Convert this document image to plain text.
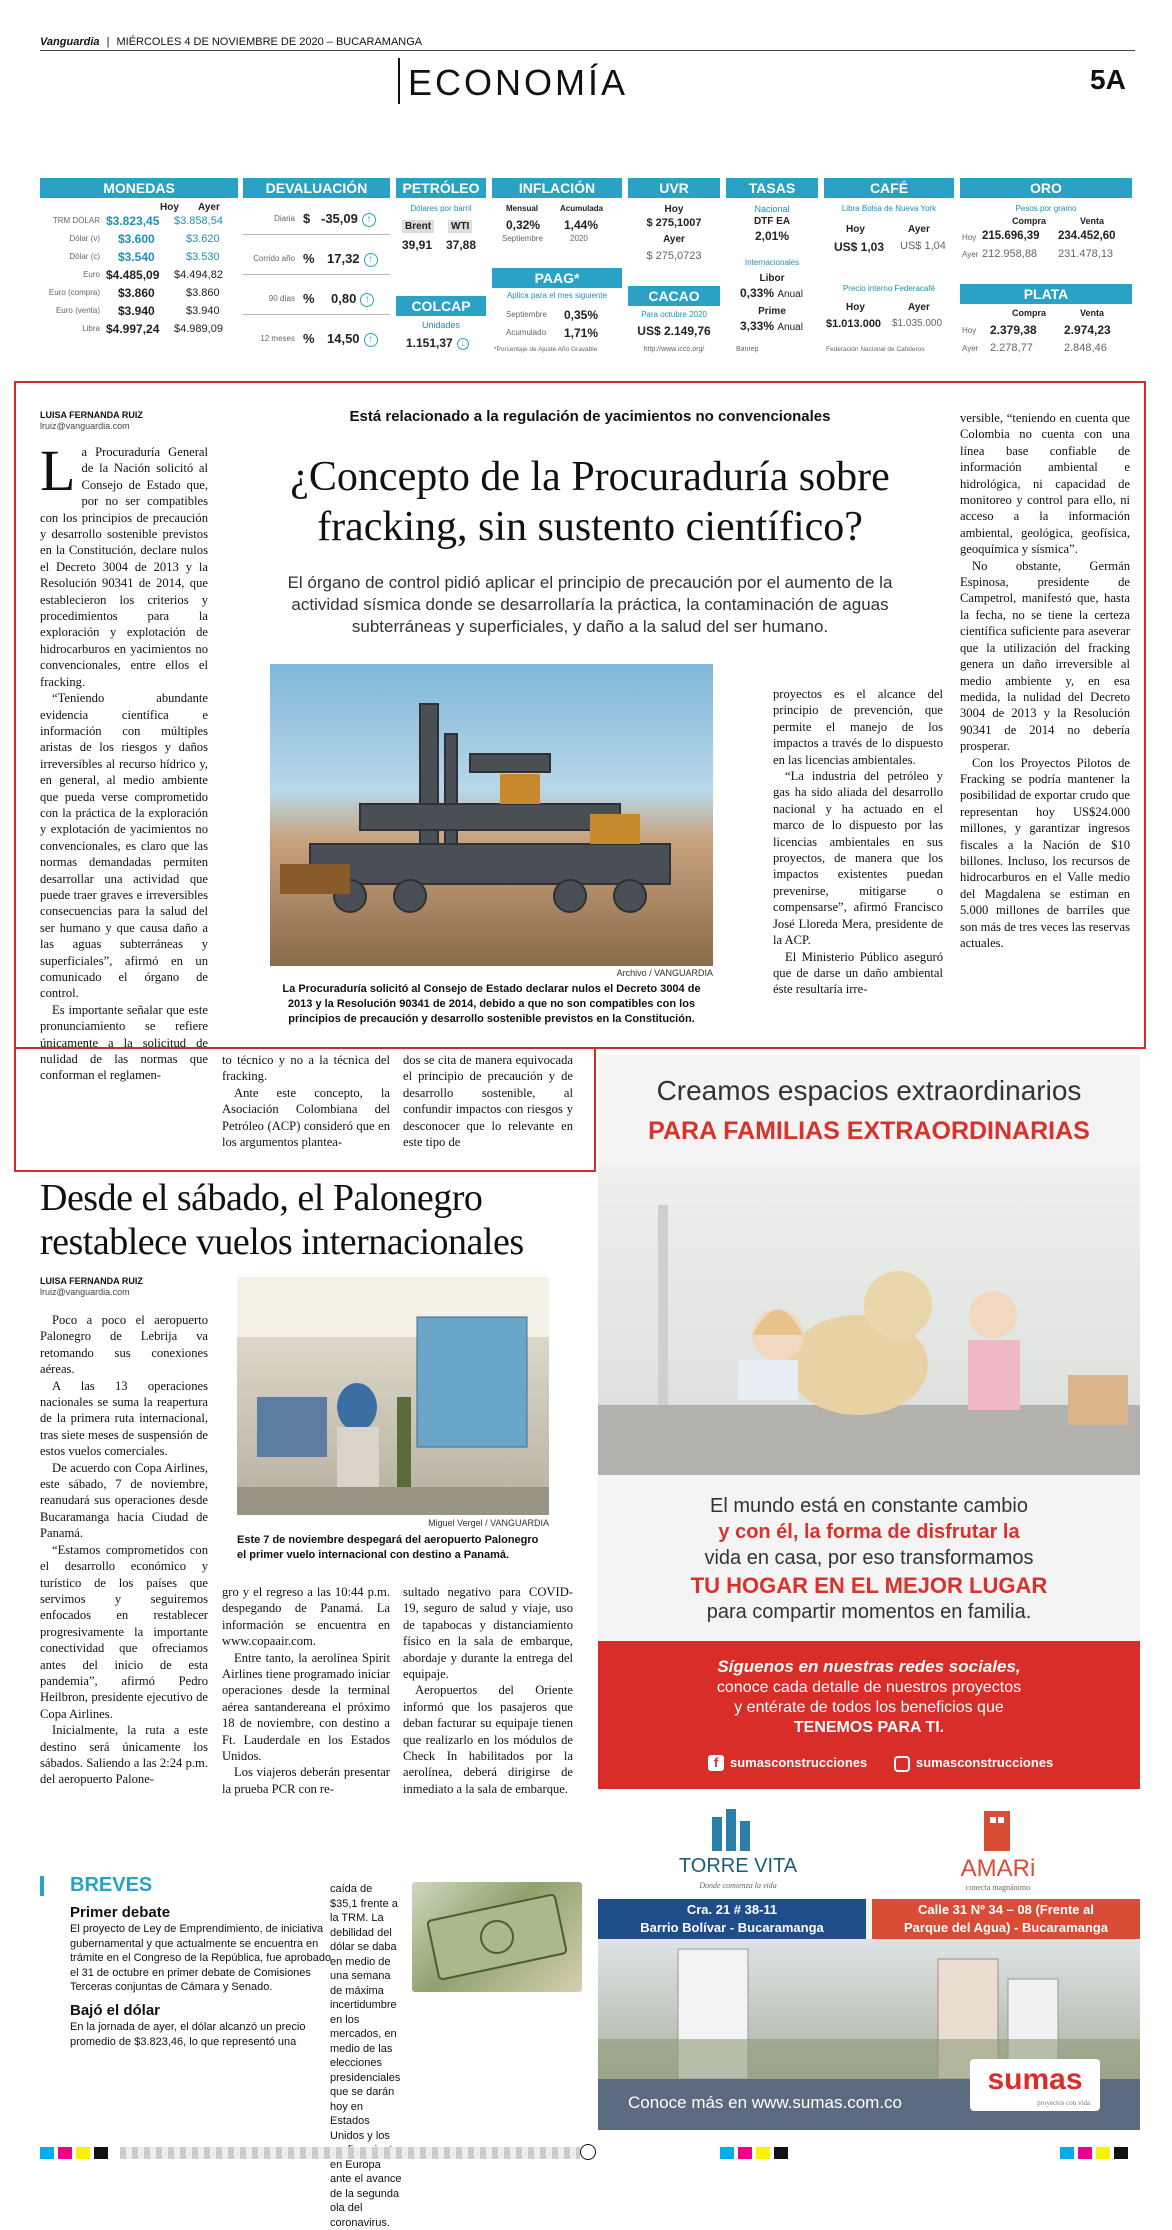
Vanguardia | MIÉRCOLES 4 DE NOVIEMBRE DE 2020 – BUCARAMANGA
ECONOMÍA	5A
MONEDAS
Hoy Ayer
TRM DÓLAR $3.823,45 $3.858,54
Dólar (v) $3.600	$3.620
Dólar (c) $3.540	$3.530
Euro $4.485,09 $4.494,82
Euro (compra) $3.860	$3.860
Euro (venta) $3.940	$3.940
Libra $4.997,24 $4.989,09
DEVALUACIÓN
Diaria $ -35,09 ↑
Corrido año % 17,32 ↑
90 días % 0,80 ↑
12 meses % 14,50 ↑
PETRÓLEO
Dólares por barril
Brent	WTI
39,91 37,88
COLCAP
Unidades
1.151,37 ↓
INFLACIÓN
Mensual	Acumulada
0,32% 1,44%
Septiembre	2020
PAAG*
Aplica para el mes siguiente
Septiembre 0,35%
Acumulado 1,71%
*Porcentaje de Ajuste Año Gravable
UVR
Hoy
$ 275,1007
Ayer
$ 275,0723
CACAO
Para octubre 2020
US$ 2.149,76
http://www.icco.org/
TASAS
Nacional
DTF EA
2,01%
Internacionales
Libor
0,33% Anual
Prime
3,33% Anual
Banrep
CAFÉ
Libra Bolsa de Nueva York
Hoy	Ayer
US$ 1,03 US$ 1,04
Precio interno Federacafé
Hoy	Ayer
$1.013.000 $1.035.000
Federación Nacional de Cafeteros
ORO
Pesos por gramo
Compra	Venta
Hoy 215.696,39 234.452,60
Ayer 212.958,88 231.478,13
PLATA
Compra	Venta
Hoy 2.379,38 2.974,23
Ayer 2.278,77	2.848,46
LUISA FERNANDA RUIZ
lruiz@vanguardia.com
Está relacionado a la regulación de yacimientos no convencionales
¿Concepto de la Procuraduría sobre fracking, sin sustento científico?
El órgano de control pidió aplicar el principio de precaución por el aumento de la actividad sísmica donde se desarrollaría la práctica, la contaminación de aguas subterráneas y superficiales, y daño a la salud del ser humano.

La Procuraduría General de la Nación solicitó al Consejo de Estado que, por no ser compatibles con los principios de precaución y desarrollo sostenible previstos en la Constitución, declare nulos el Decreto 3004 de 2013 y la Resolución 90341 de 2014, que establecieron los criterios y procedimientos para la exploración y explotación de hidrocarburos en yacimientos no convencionales, entre ellos el fracking.

“Teniendo abundante evidencia científica e información con múltiples aristas de los riesgos y daños irreversibles al recurso hídrico y, en general, al medio ambiente que pueda verse comprometido con la práctica de la exploración y explotación de yacimientos no convencionales, es claro que las normas demandadas permiten desarrollar una actividad que puede traer graves e irreversibles consecuencias para la salud del ser humano y que causa daño a las aguas subterráneas y superficiales”, afirmó en un comunicado el órgano de control.

Es importante señalar que este pronunciamiento se refiere únicamente a la solicitud de nulidad de las normas que conforman el reglamen-

Archivo / VANGUARDIA
La Procuraduría solicitó al Consejo de Estado declarar nulos el Decreto 3004 de 2013 y la Resolución 90341 de 2014, debido a que no son compatibles con los principios de precaución y desarrollo sostenible previstos en la Constitución.

to técnico y no a la técnica del fracking.

Ante este concepto, la Asociación Colombiana del Petróleo (ACP) consideró que en los argumentos plantea-

dos se cita de manera equivocada el principio de precaución y de desarrollo sostenible, al confundir impactos con riesgos y desconocer que lo relevante en este tipo de

proyectos es el alcance del principio de prevención, que permite el manejo de los impactos a través de lo dispuesto en las licencias ambientales.

“La industria del petróleo y gas ha sido aliada del desarrollo nacional y ha actuado en el marco de lo dispuesto por las licencias ambientales en sus proyectos, de manera que los impactos existentes puedan prevenirse, mitigarse o compensarse”, afirmó Francisco José Lloreda Mera, presidente de la ACP.

El Ministerio Público aseguró que de darse un daño ambiental éste resultaría irre-

versible, “teniendo en cuenta que Colombia no cuenta con una línea base confiable de información ambiental e hidrológica, ni capacidad de monitoreo y control para ello, ni acceso a la información ambiental, geológica, geofísica, geoquímica y sísmica”.

No obstante, Germán Espinosa, presidente de Campetrol, manifestó que, hasta la fecha, no se tiene la certeza científica suficiente para aseverar que la utilización del fracking genera un daño irreversible al medio ambiente y, en esa medida, la nulidad del Decreto 3004 de 2013 y la Resolución 90341 de 2014 no debería prosperar.

Con los Proyectos Pilotos de Fracking se podría mantener la posibilidad de exportar crudo que representan hoy US$24.000 millones, y garantizar ingresos fiscales a la Nación de $10 billones. Incluso, los recursos de hidrocarburos en el Valle medio del Magdalena se estiman en 5.000 millones de barriles que son más de tres veces las reservas actuales.

Desde el sábado, el Palonegro restablece vuelos internacionales
LUISA FERNANDA RUIZ
lruiz@vanguardia.com
Miguel Vergel / VANGUARDIA
Este 7 de noviembre despegará del aeropuerto Palonegro el primer vuelo internacional con destino a Panamá.

Poco a poco el aeropuerto Palonegro de Lebrija va retomando sus conexiones aéreas.

A las 13 operaciones nacionales se suma la reapertura de la primera ruta internacional, tras siete meses de suspensión de estos vuelos comerciales.

De acuerdo con Copa Airlines, este sábado, 7 de noviembre, reanudará sus operaciones desde Bucaramanga hacia Ciudad de Panamá.

“Estamos comprometidos con el desarrollo económico y turístico de los países que servimos y seguiremos enfocados en restablecer progresivamente la importante conectividad que ofreciamos antes del inicio de esta pandemia”, afirmó Pedro Heilbron, presidente ejecutivo de Copa Airlines.

Inicialmente, la ruta a este destino será únicamente los sábados. Saliendo a las 2:24 p.m. del aeropuerto Palone-

gro y el regreso a las 10:44 p.m. despegando de Panamá. La información se encuentra en www.copaair.com.

Entre tanto, la aerolínea Spirit Airlines tiene programado iniciar operaciones desde la terminal aérea santandereana el próximo 18 de noviembre, con destino a Ft. Lauderdale en los Estados Unidos.

Los viajeros deberán presentar la prueba PCR con re-

sultado negativo para COVID-19, seguro de salud y viaje, uso de tapabocas y distanciamiento físico en la sala de embarque, abordaje y durante la entrega del equipaje.

Aeropuertos del Oriente informó que los pasajeros que deban facturar su equipaje tienen que realizarlo en los módulos de Check In habilitados por la aerolínea, deberá dirigirse de inmediato a la sala de embarque.

BREVES
Primer debate
El proyecto de Ley de Emprendimiento, de iniciativa gubernamental y que actualmente se encuentra en trámite en el Congreso de la República, fue aprobado el 31 de octubre en primer debate de Comisiones Terceras conjuntas de Cámara y Senado.
Bajó el dólar
En la jornada de ayer, el dólar alcanzó un precio promedio de $3.823,46, lo que representó una
caída de $35,1 frente a la TRM. La debilidad del dólar se daba en medio de una semana de máxima incertidumbre en los mercados, en medio de las elecciones presidenciales que se darán hoy en Estados Unidos y los en Europa ante el avance de la segunda ola del coronavirus.
Creamos espacios extraordinarios
PARA FAMILIAS EXTRAORDINARIAS
El mundo está en constante cambio
y con él, la forma de disfrutar la
vida en casa, por eso transformamos
TU HOGAR EN EL MEJOR LUGAR
para compartir momentos en familia.
Síguenos en nuestras redes sociales,
conoce cada detalle de nuestros proyectos
y entérate de todos los beneficios que
TENEMOS PARA TI.
f sumasconstrucciones	sumasconstrucciones
TORRE VITA
Donde comienza la vida
AMARi
conecta magnánimo
Cra. 21 # 38-11
Barrio Bolívar - Bucaramanga
Calle 31 Nº 34 – 08 (Frente al
Parque del Agua) - Bucaramanga
Conoce más en www.sumas.com.co
sumas
proyectos con vida
